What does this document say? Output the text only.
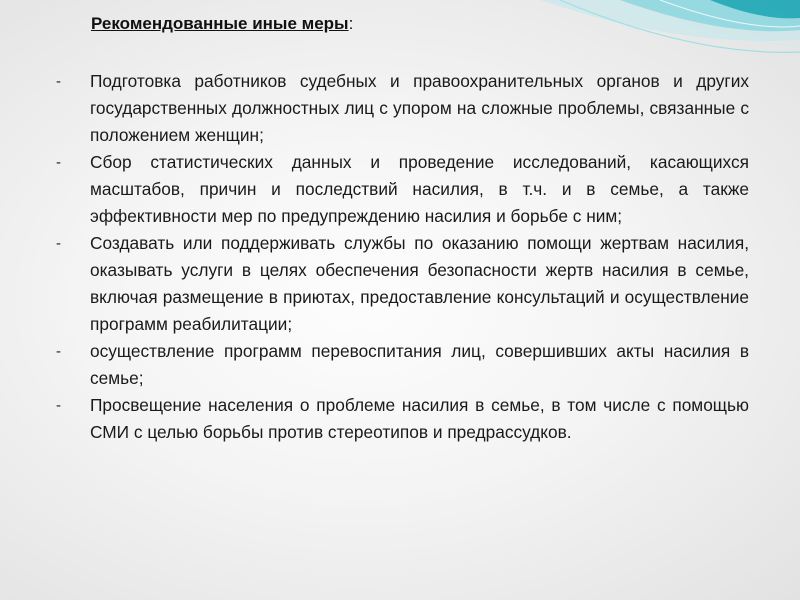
Рекомендованные иные меры:
- Подготовка работников судебных и правоохранительных органов и других государственных должностных лиц с упором на сложные проблемы, связанные с положением женщин;
- Сбор статистических данных и проведение исследований, касающихся масштабов, причин и последствий насилия, в т.ч. и в семье, а также эффективности мер по предупреждению насилия и борьбе с ним;
- Создавать или поддерживать службы по оказанию помощи жертвам насилия, оказывать услуги в целях обеспечения безопасности жертв насилия в семье, включая размещение в приютах, предоставление консультаций и осуществление программ реабилитации;
- осуществление программ перевоспитания лиц, совершивших акты насилия в семье;
- Просвещение населения о проблеме насилия в семье, в том числе с помощью СМИ с целью борьбы против стереотипов и предрассудков.
